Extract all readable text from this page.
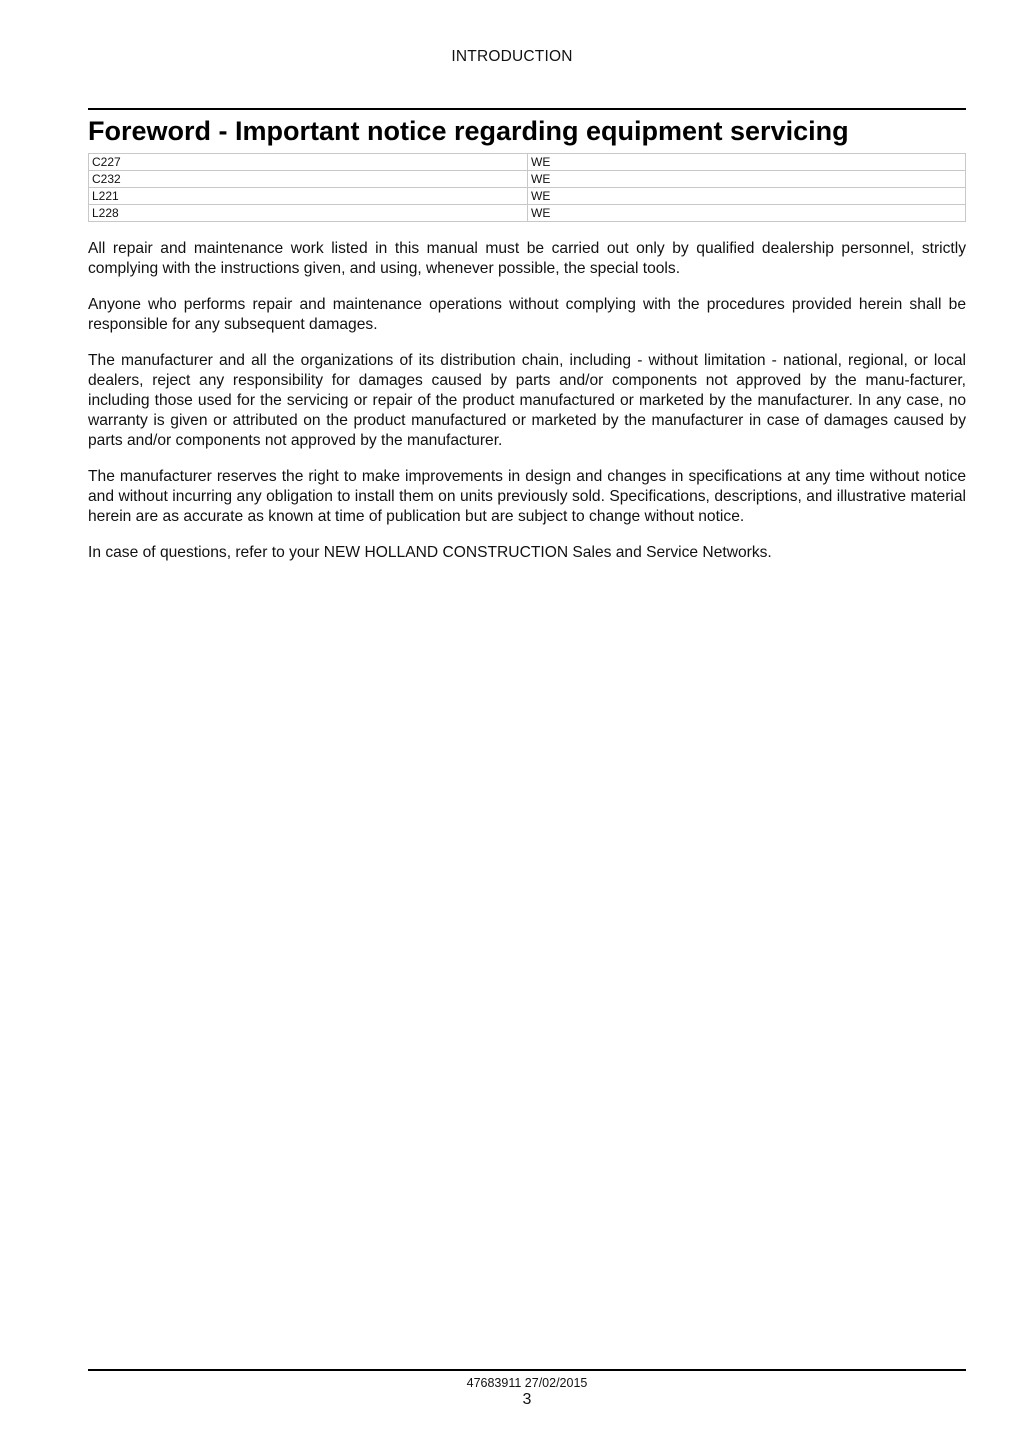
INTRODUCTION
Foreword - Important notice regarding equipment servicing
C227	WE
C232	WE
L221	WE
L228	WE

All repair and maintenance work listed in this manual must be carried out only by qualified dealership personnel, strictly complying with the instructions given, and using, whenever possible, the special tools.

Anyone who performs repair and maintenance operations without complying with the procedures provided herein shall be responsible for any subsequent damages.

The manufacturer and all the organizations of its distribution chain, including - without limitation - national, regional, or local dealers, reject any responsibility for damages caused by parts and/or components not approved by the manu-facturer, including those used for the servicing or repair of the product manufactured or marketed by the manufacturer. In any case, no warranty is given or attributed on the product manufactured or marketed by the manufacturer in case of damages caused by parts and/or components not approved by the manufacturer.

The manufacturer reserves the right to make improvements in design and changes in specifications at any time without notice and without incurring any obligation to install them on units previously sold. Specifications, descriptions, and illustrative material herein are as accurate as known at time of publication but are subject to change without notice.

In case of questions, refer to your NEW HOLLAND CONSTRUCTION Sales and Service Networks.

47683911 27/02/2015
3
